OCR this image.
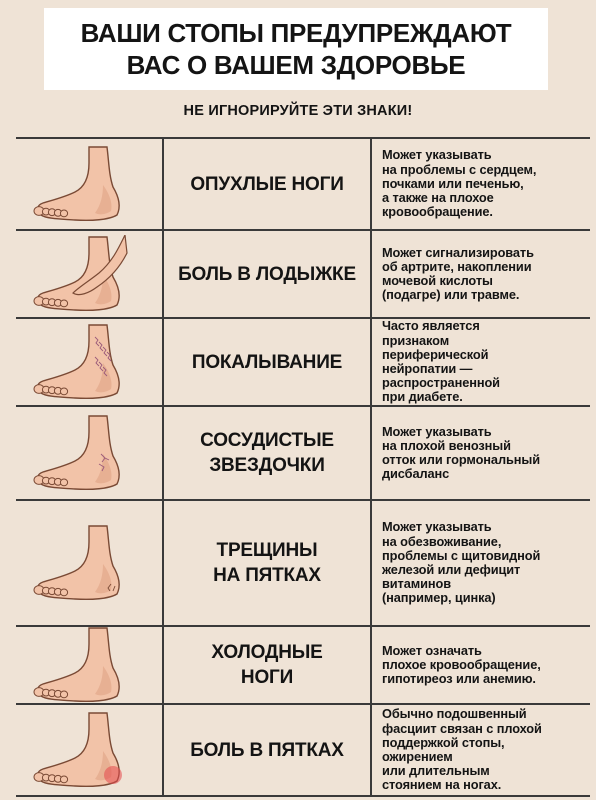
ВАШИ СТОПЫ ПРЕДУПРЕЖДАЮТ
ВАС О ВАШЕМ ЗДОРОВЬЕ
НЕ ИГНОРИРУЙТЕ ЭТИ ЗНАКИ!
ОПУХЛЫЕ НОГИ
Может указывать
на проблемы с сердцем,
почками или печенью,
а также на плохое
кровообращение.
БОЛЬ В ЛОДЫЖКЕ
Может сигнализировать
об артрите, накоплении
мочевой кислоты
(подагре) или травме.
ПОКАЛЫВАНИЕ
Часто является
признаком
периферической
нейропатии —
распространенной
при диабете.
СОСУДИСТЫЕ
ЗВЕЗДОЧКИ
Может указывать
на плохой венозный
отток или гормональный
дисбаланс
ТРЕЩИНЫ
НА ПЯТКАХ
Может указывать
на обезвоживание,
проблемы с щитовидной
железой или дефицит
витаминов
(например, цинка)
ХОЛОДНЫЕ
НОГИ
Может означать
плохое кровообращение,
гипотиреоз или анемию.
БОЛЬ В ПЯТКАХ
Обычно подошвенный
фасциит связан с плохой
поддержкой стопы,
ожирением
или длительным
стоянием на ногах.
